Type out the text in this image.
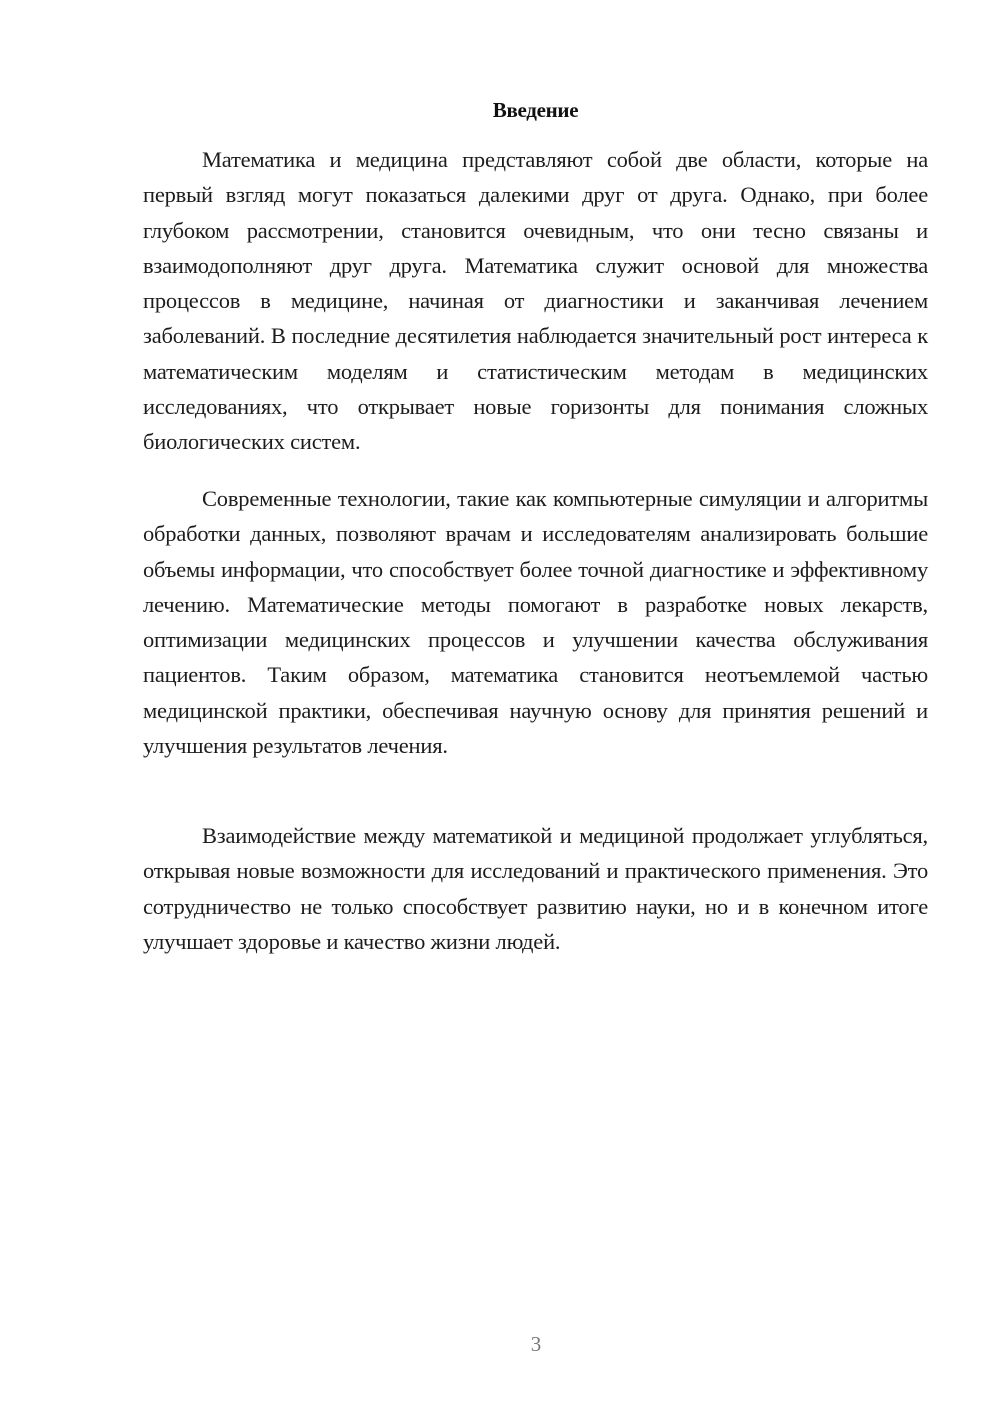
Введение

Математика и медицина представляют собой две области, которые на первый взгляд могут показаться далекими друг от друга. Однако, при более глубоком рассмотрении, становится очевидным, что они тесно связаны и взаимодополняют друг друга. Математика служит основой для множества процессов в медицине, начиная от диагностики и заканчивая лечением заболеваний. В последние десятилетия наблюдается значительный рост интереса к математическим моделям и статистическим методам в медицинских исследованиях, что открывает новые горизонты для понимания сложных биологических систем.

Современные технологии, такие как компьютерные симуляции и алгоритмы обработки данных, позволяют врачам и исследователям анализировать большие объемы информации, что способствует более точной диагностике и эффективному лечению. Математические методы помогают в разработке новых лекарств, оптимизации медицинских процессов и улучшении качества обслуживания пациентов. Таким образом, математика становится неотъемлемой частью медицинской практики, обеспечивая научную основу для принятия решений и улучшения результатов лечения.

Взаимодействие между математикой и медициной продолжает углубляться, открывая новые возможности для исследований и практического применения. Это сотрудничество не только способствует развитию науки, но и в конечном итоге улучшает здоровье и качество жизни людей.

3
